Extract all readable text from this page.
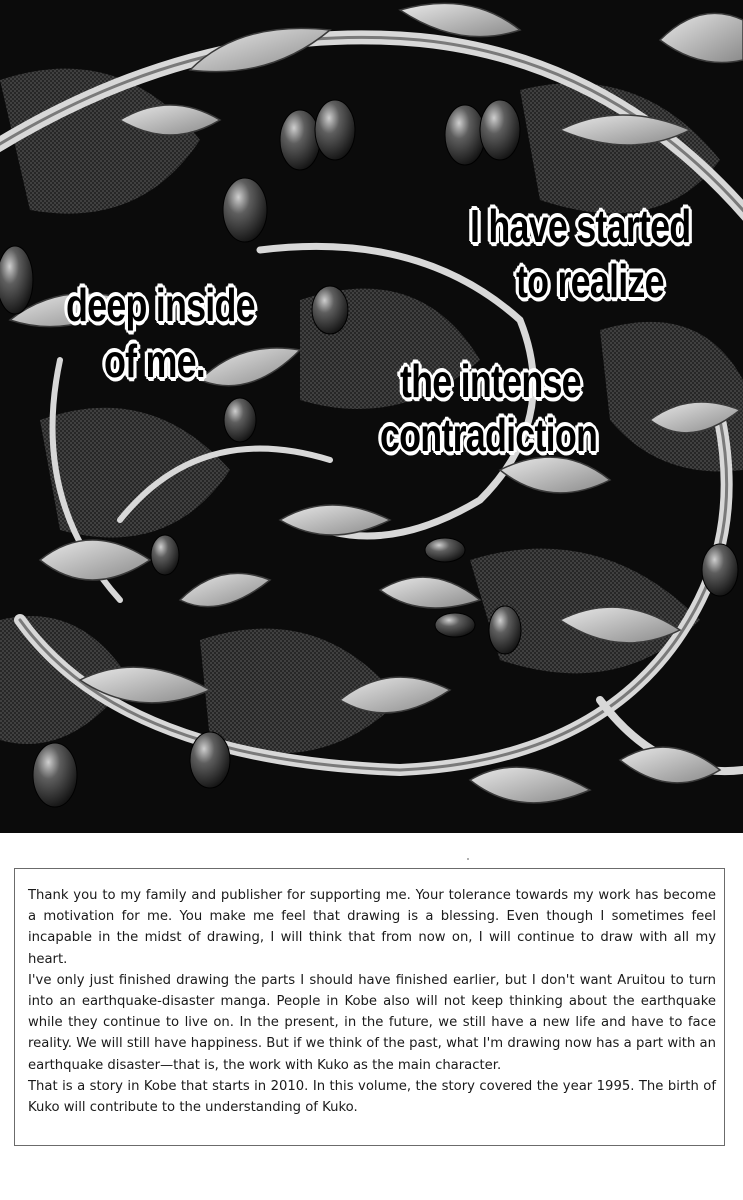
I have started

to realize

the intense

contradiction

deep inside

of me.

Thank you to my family and publisher for supporting me. Your tolerance towards my work has become a motivation for me. You make me feel that drawing is a blessing. Even though I sometimes feel incapable in the midst of drawing, I will think that from now on, I will continue to draw with all my heart.

I've only just finished drawing the parts I should have finished earlier, but I don't want Aruitou to turn into an earthquake-disaster manga. People in Kobe also will not keep thinking about the earthquake while they continue to live on. In the present, in the future, we still have a new life and have to face reality. We will still have happiness. But if we think of the past, what I'm drawing now has a part with an earthquake disaster—that is, the work with Kuko as the main character.

That is a story in Kobe that starts in 2010. In this volume, the story covered the year 1995. The birth of Kuko will contribute to the understanding of Kuko.
